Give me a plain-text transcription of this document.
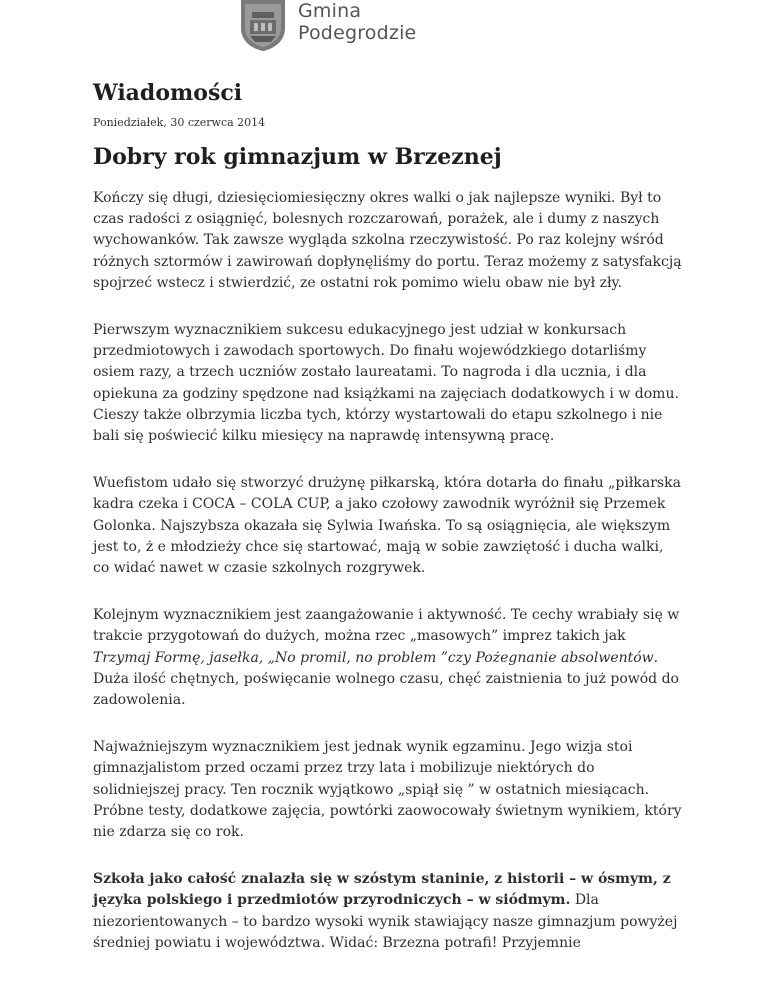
Gmina
Podegrodzie
Wiadomości
Poniedziałek, 30 czerwca 2014
Dobry rok gimnazjum w Brzeznej

Kończy się długi, dziesięciomiesięczny okres walki o jak najlepsze wyniki. Był to czas radości z osiągnięć, bolesnych rozczarowań, porażek, ale i dumy z naszych wychowanków. Tak zawsze wygląda szkolna rzeczywistość. Po raz kolejny wśród różnych sztormów i zawirowań dopłynęliśmy do portu. Teraz możemy z satysfakcją spojrzeć wstecz i stwierdzić, ze ostatni rok pomimo wielu obaw nie był zły.

Pierwszym wyznacznikiem sukcesu edukacyjnego jest udział w konkursach przedmiotowych i zawodach sportowych. Do finału wojewódzkiego dotarliśmy osiem razy, a trzech uczniów zostało laureatami. To nagroda i dla ucznia, i dla opiekuna za godziny spędzone nad książkami na zajęciach dodatkowych i w domu. Cieszy także olbrzymia liczba tych, którzy wystartowali do etapu szkolnego i nie bali się poświecić kilku miesięcy na naprawdę intensywną pracę.

Wuefistom udało się stworzyć drużynę piłkarską, która dotarła do finału „piłkarska kadra czeka i COCA – COLA CUP, a jako czołowy zawodnik wyróżnił się Przemek Golonka. Najszybsza okazała się Sylwia Iwańska. To są osiągnięcia, ale większym jest to, ż e młodzieży chce się startować, mają w sobie zawziętość i ducha walki, co widać nawet w czasie szkolnych rozgrywek.

Kolejnym wyznacznikiem jest zaangażowanie i aktywność. Te cechy wrabiały się w trakcie przygotowań do dużych, można rzec „masowych” imprez takich jak Trzymaj Formę, jasełka, „No promil, no problem ”czy Pożegnanie absolwentów. Duża ilość chętnych, poświęcanie wolnego czasu, chęć zaistnienia to już powód do zadowolenia.

Najważniejszym wyznacznikiem jest jednak wynik egzaminu. Jego wizja stoi gimnazjalistom przed oczami przez trzy lata i mobilizuje niektórych do solidniejszej pracy. Ten rocznik wyjątkowo „spiął się ” w ostatnich miesiącach. Próbne testy, dodatkowe zajęcia, powtórki zaowocowały świetnym wynikiem, który nie zdarza się co rok.

Szkoła jako całość znalazła się w szóstym staninie, z historii – w ósmym, z języka polskiego i przedmiotów przyrodniczych – w siódmym. Dla niezorientowanych – to bardzo wysoki wynik stawiający nasze gimnazjum powyżej średniej powiatu i województwa. Widać: Brzezna potrafi! Przyjemnie
